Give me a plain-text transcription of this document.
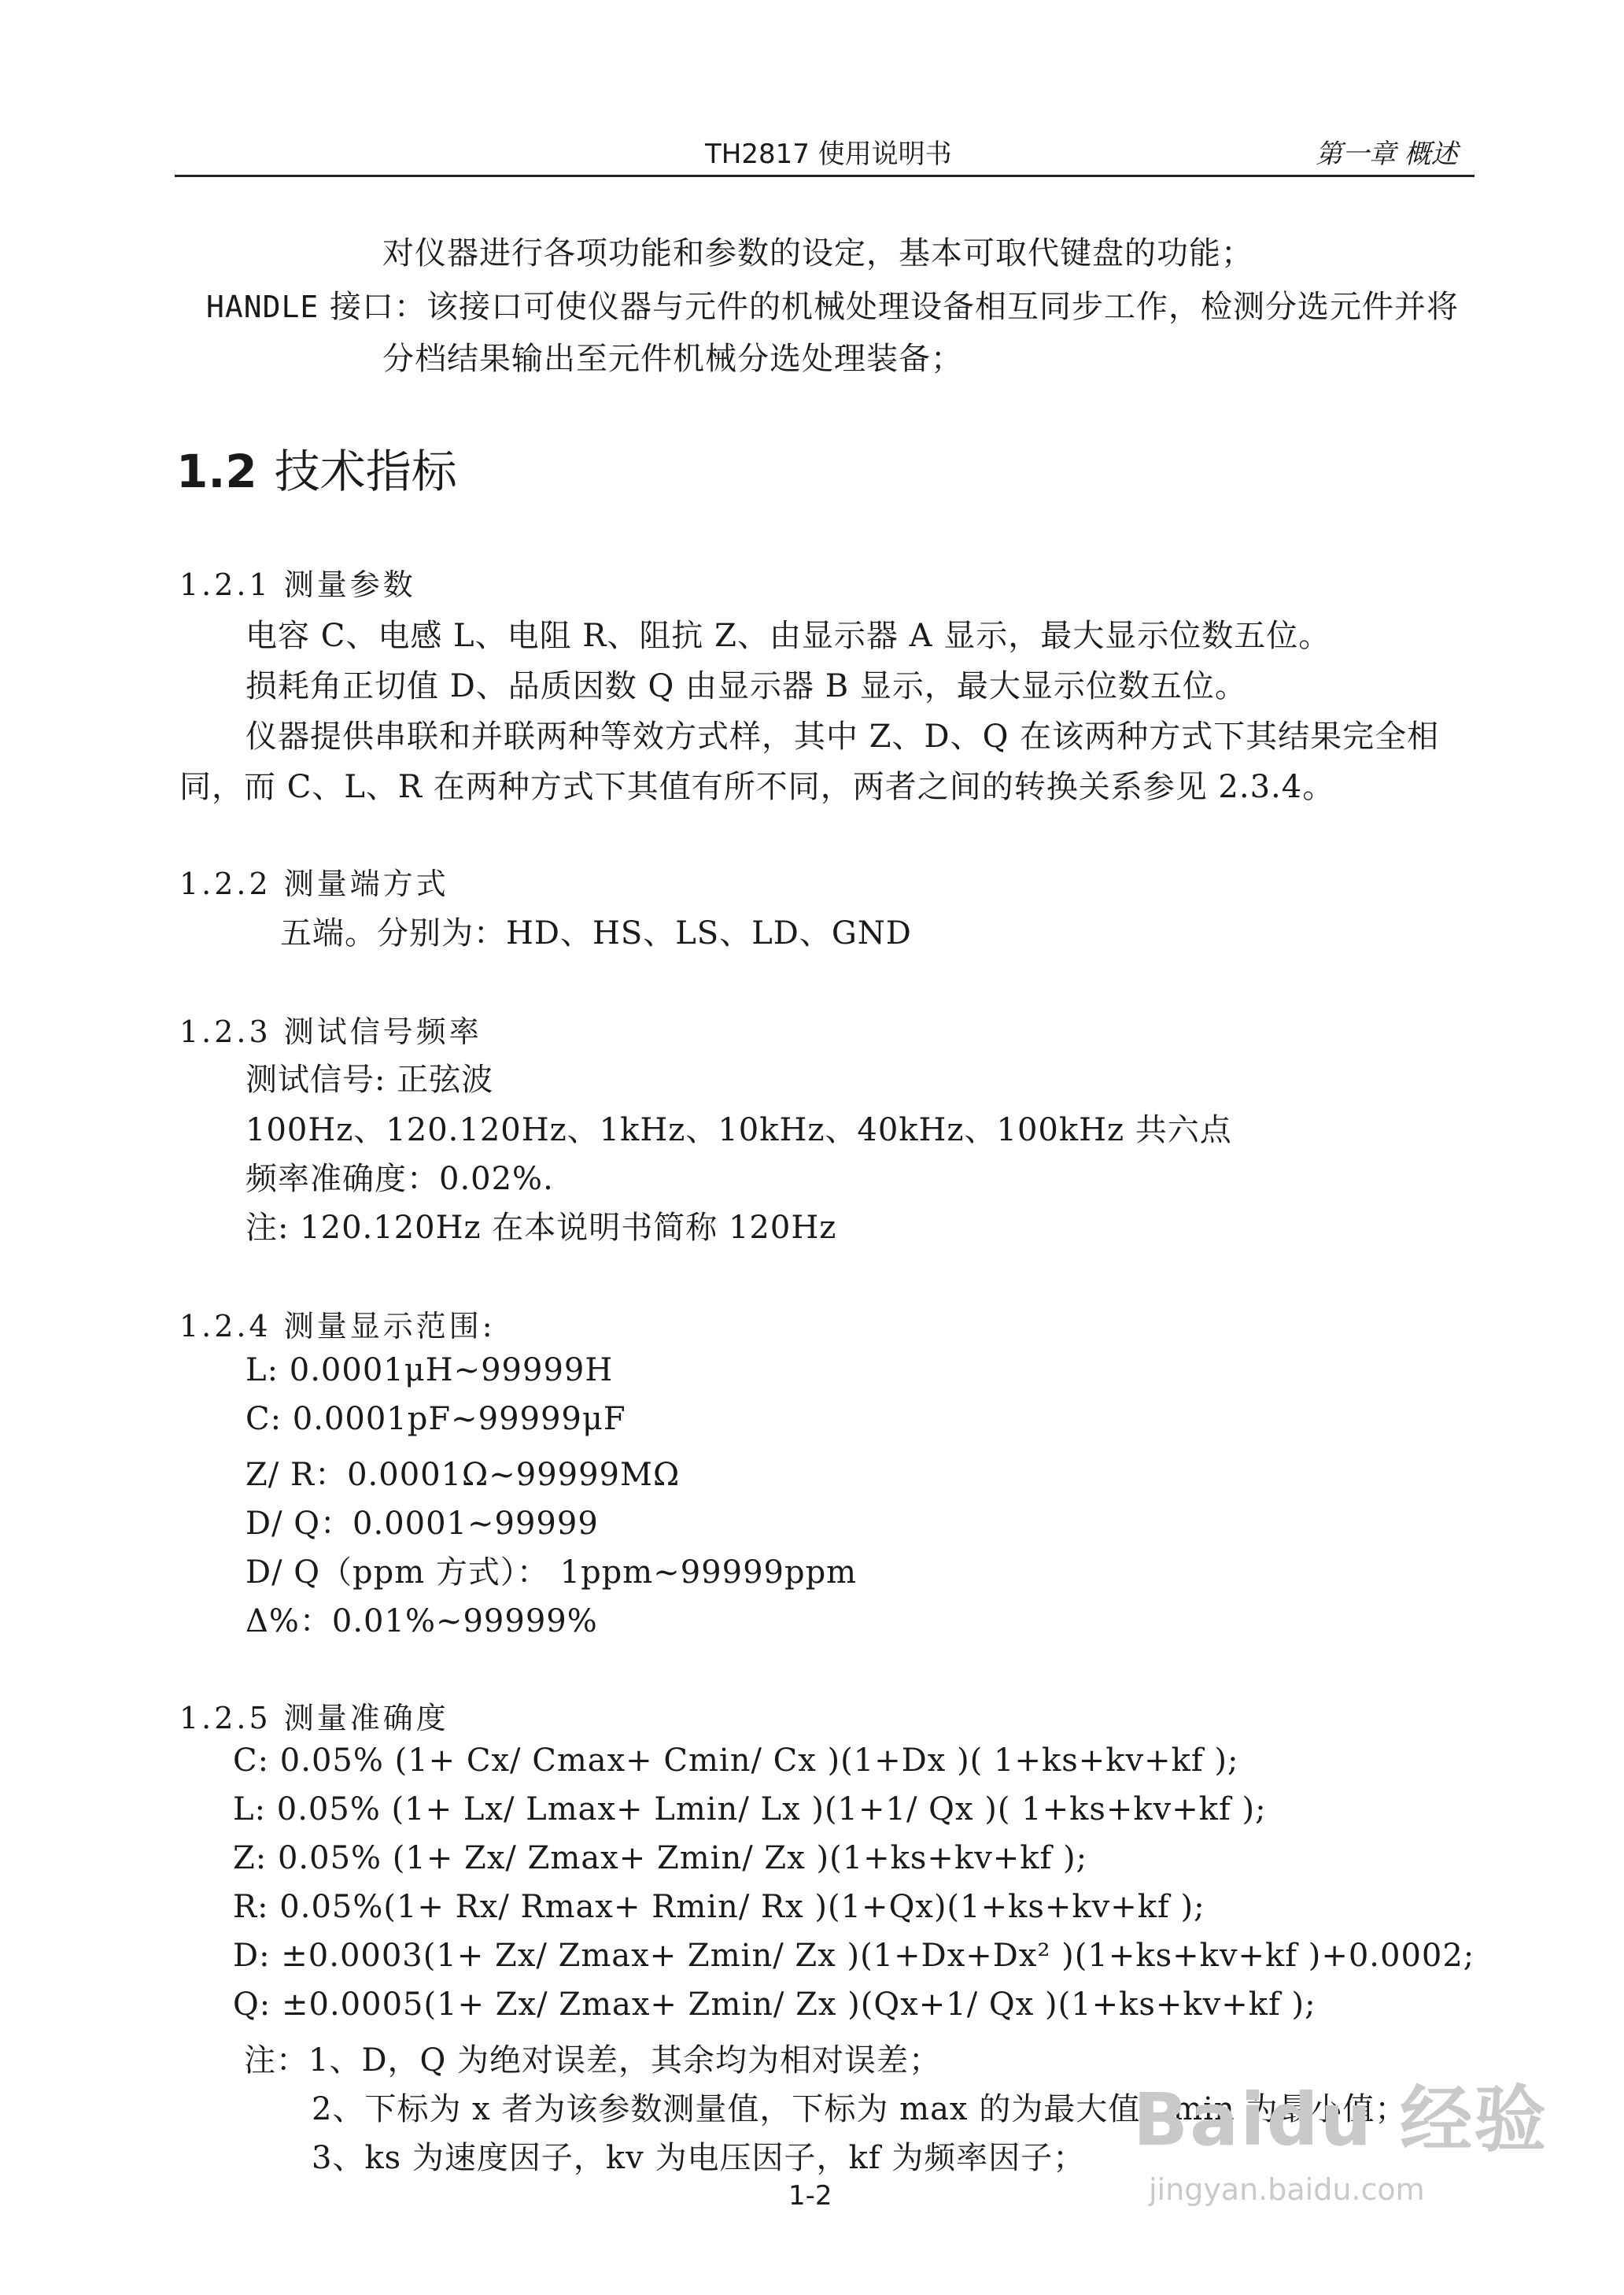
TH2817 使用说明书	第一章 概述
对仪器进行各项功能和参数的设定，基本可取代键盘的功能；
HANDLE 接口：该接口可使仪器与元件的机械处理设备相互同步工作，检测分选元件并将
分档结果输出至元件机械分选处理装备；
1.2 技术指标
1.2.1 测量参数
电容 C、电感 L、电阻 R、阻抗 Z、由显示器 A 显示，最大显示位数五位。
损耗角正切值 D、品质因数 Q 由显示器 B 显示，最大显示位数五位。
仪器提供串联和并联两种等效方式样，其中 Z、D、Q 在该两种方式下其结果完全相
同，而 C、L、R 在两种方式下其值有所不同，两者之间的转换关系参见 2.3.4。
1.2.2 测量端方式
五端。分别为：HD、HS、LS、LD、GND
1.2.3 测试信号频率
测试信号: 正弦波
100Hz、120.120Hz、1kHz、10kHz、40kHz、100kHz 共六点
频率准确度：0.02%.
注: 120.120Hz 在本说明书简称 120Hz
1.2.4 测量显示范围:
L: 0.0001μH~99999H
C: 0.0001pF~99999μF
Z/ R：0.0001Ω~99999MΩ
D/ Q：0.0001~99999
D/ Q（ppm 方式）： 1ppm~99999ppm
Δ%：0.01%~99999%
1.2.5 测量准确度
C: 0.05% (1+ Cx/ Cmax+ Cmin/ Cx )(1+Dx )( 1+ks+kv+kf );
L: 0.05% (1+ Lx/ Lmax+ Lmin/ Lx )(1+1/ Qx )( 1+ks+kv+kf );
Z: 0.05% (1+ Zx/ Zmax+ Zmin/ Zx )(1+ks+kv+kf );
R: 0.05%(1+ Rx/ Rmax+ Rmin/ Rx )(1+Qx)(1+ks+kv+kf );
D: ±0.0003(1+ Zx/ Zmax+ Zmin/ Zx )(1+Dx+Dx² )(1+ks+kv+kf )+0.0002;
Q: ±0.0005(1+ Zx/ Zmax+ Zmin/ Zx )(Qx+1/ Qx )(1+ks+kv+kf );
注：1、D，Q 为绝对误差，其余均为相对误差；
2、下标为 x 者为该参数测量值，下标为 max 的为最大值，min 为最小值；
3、ks 为速度因子，kv 为电压因子，kf 为频率因子；
1-2
Baidu 经验
jingyan.baidu.com
